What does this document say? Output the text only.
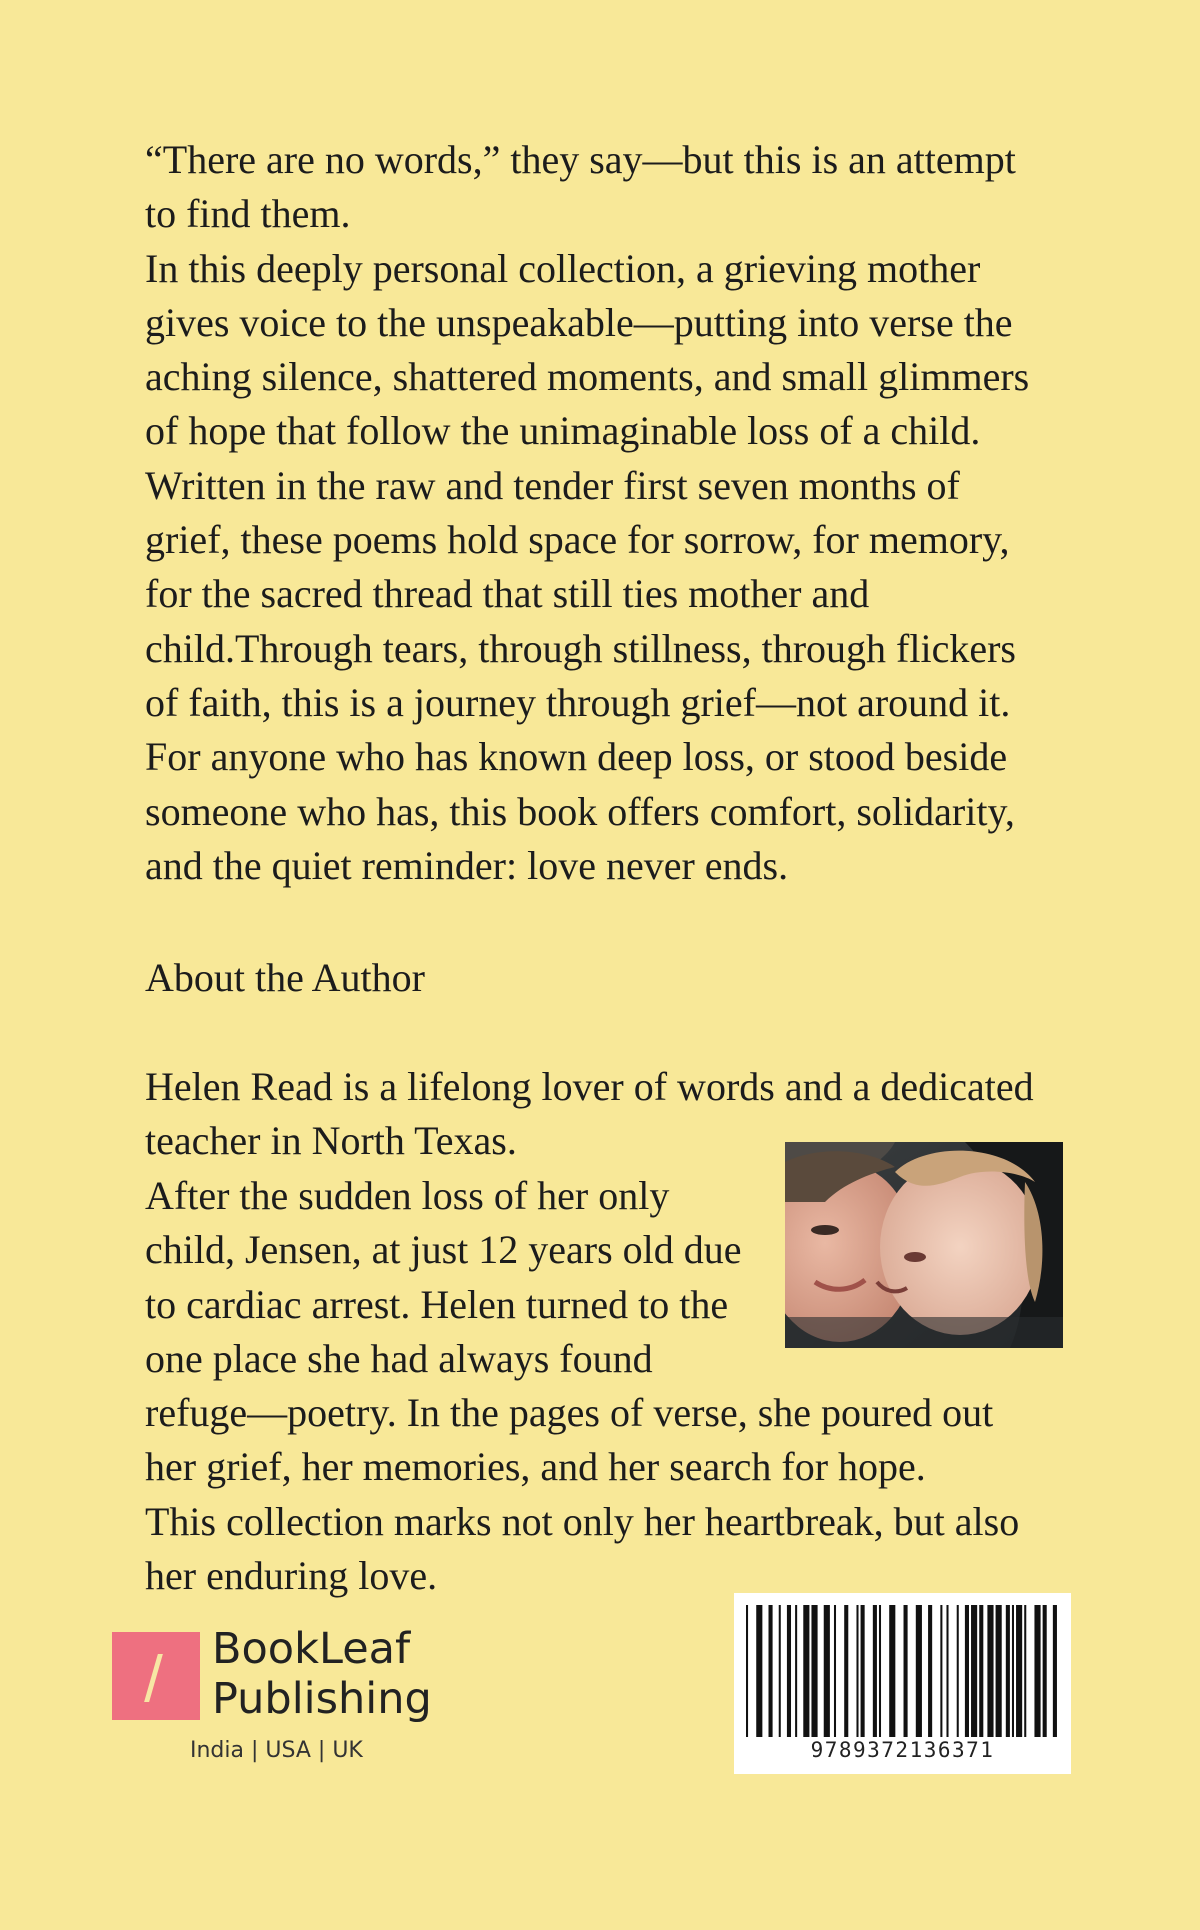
“There are no words,” they say—but this is an attempt
to find them.
In this deeply personal collection, a grieving mother
gives voice to the unspeakable—putting into verse the
aching silence, shattered moments, and small glimmers
of hope that follow the unimaginable loss of a child.
Written in the raw and tender first seven months of
grief, these poems hold space for sorrow, for memory,
for the sacred thread that still ties mother and
child.Through tears, through stillness, through flickers
of faith, this is a journey through grief—not around it.
For anyone who has known deep loss, or stood beside
someone who has, this book offers comfort, solidarity,
and the quiet reminder: love never ends.
About the Author
Helen Read is a lifelong lover of words and a dedicated
teacher in North Texas.
After the sudden loss of her only
child, Jensen, at just 12 years old due
to cardiac arrest. Helen turned to the
one place she had always found
refuge—poetry. In the pages of verse, she poured out
her grief, her memories, and her search for hope.
This collection marks not only her heartbreak, but also
her enduring love.
BookLeaf
Publishing
India | USA | UK	9789372136371
